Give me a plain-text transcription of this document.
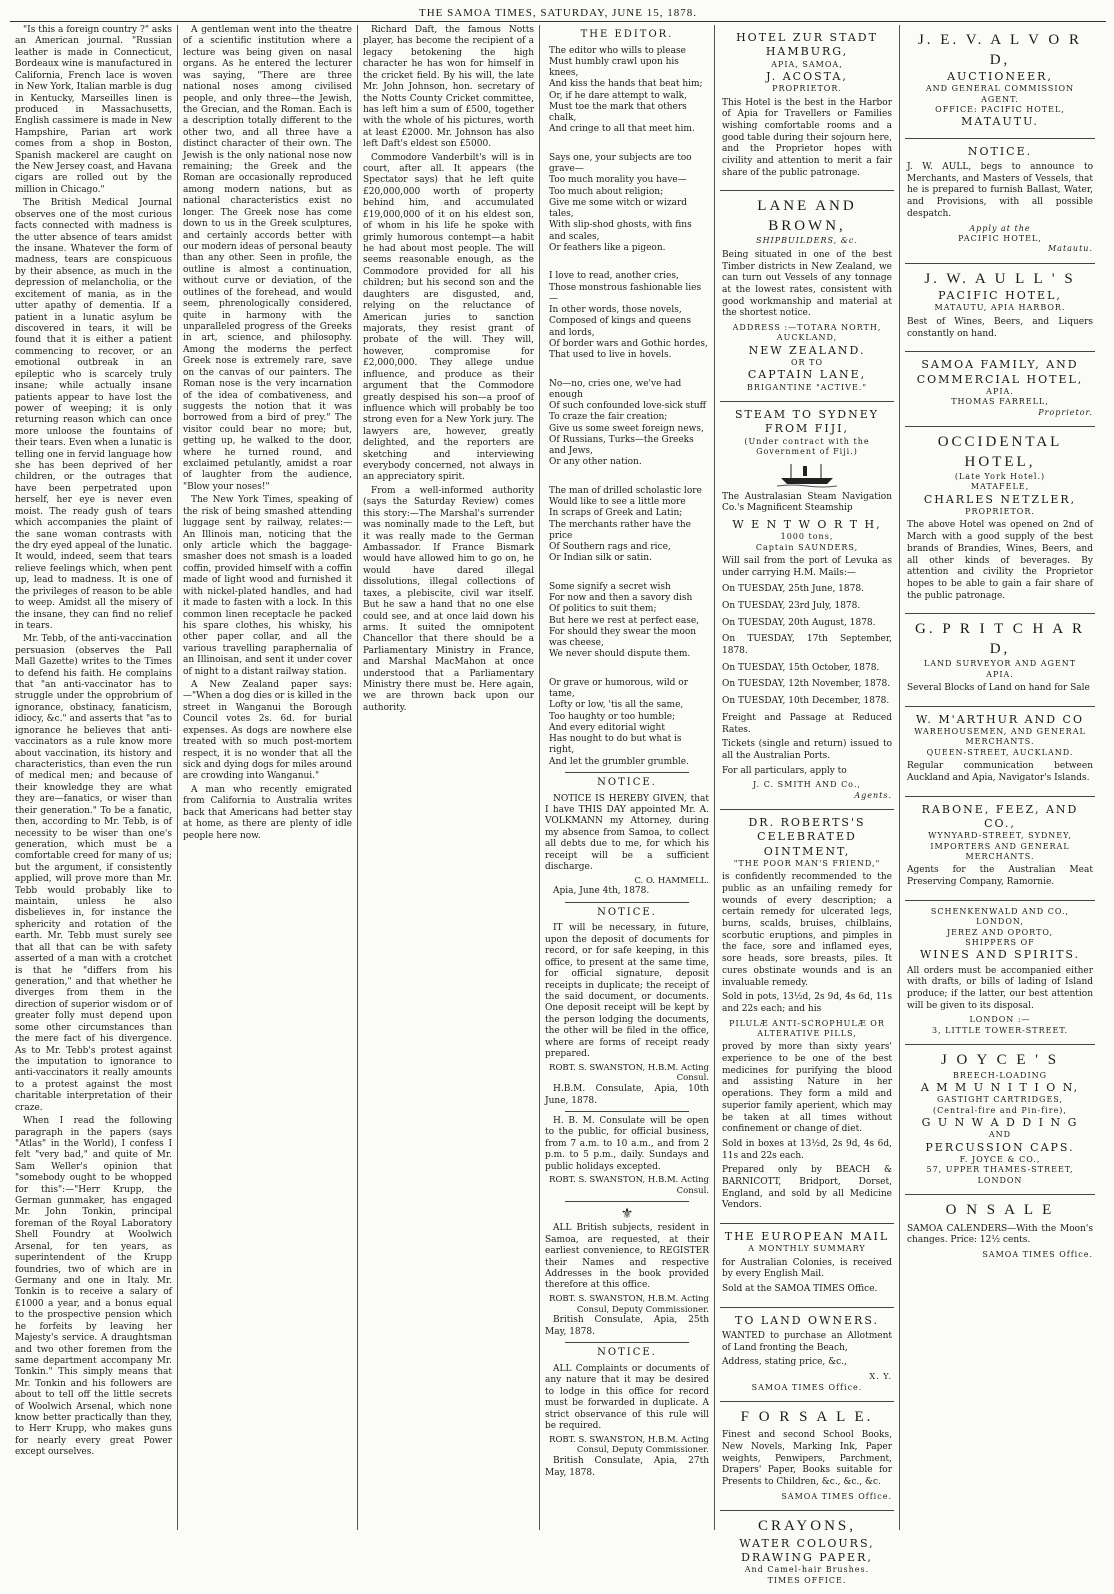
THE SAMOA TIMES, SATURDAY, JUNE 15, 1878.

"Is this a foreign country ?" asks an American journal. "Russian leather is made in Connecticut, Bordeaux wine is manufactured in California, French lace is woven in New York, Italian marble is dug in Kentucky, Marseilles linen is produced in Massachusetts, English cassimere is made in New Hampshire, Parian art work comes from a shop in Boston, Spanish mackerel are caught on the New Jersey coast, and Havana cigars are rolled out by the million in Chicago."

The British Medical Journal observes one of the most curious facts connected with madness is the utter absence of tears amidst the insane. Whatever the form of madness, tears are conspicuous by their absence, as much in the depression of melancholia, or the excitement of mania, as in the utter apathy of dementia. If a patient in a lunatic asylum be discovered in tears, it will be found that it is either a patient commencing to recover, or an emotional outbreak in an epileptic who is scarcely truly insane; while actually insane patients appear to have lost the power of weeping; it is only returning reason which can once more unloose the fountains of their tears. Even when a lunatic is telling one in fervid language how she has been deprived of her children, or the outrages that have been perpetrated upon herself, her eye is never even moist. The ready gush of tears which accompanies the plaint of the sane woman contrasts with the dry eyed appeal of the lunatic. It would, indeed, seem that tears relieve feelings which, when pent up, lead to madness. It is one of the privileges of reason to be able to weep. Amidst all the misery of the insane, they can find no relief in tears.

Mr. Tebb, of the anti-vaccination persuasion (observes the Pall Mall Gazette) writes to the Times to defend his faith. He complains that "an anti-vaccinator has to struggle under the opprobrium of ignorance, obstinacy, fanaticism, idiocy, &c." and asserts that "as to ignorance he believes that anti-vaccinators as a rule know more about vaccination, its history and characteristics, than even the run of medical men; and because of their knowledge they are what they are—fanatics, or wiser than their generation." To be a fanatic, then, according to Mr. Tebb, is of necessity to be wiser than one's generation, which must be a comfortable creed for many of us; but the argument, if consistently applied, will prove more than Mr. Tebb would probably like to maintain, unless he also disbelieves in, for instance the sphericity and rotation of the earth. Mr. Tebb must surely see that all that can be with safety asserted of a man with a crotchet is that he "differs from his generation," and that whether he diverges from them in the direction of superior wisdom or of greater folly must depend upon some other circumstances than the mere fact of his divergence. As to Mr. Tebb's protest against the imputation to ignorance to anti-vaccinators it really amounts to a protest against the most charitable interpretation of their craze.

When I read the following paragraph in the papers (says "Atlas" in the World), I confess I felt "very bad," and quite of Mr. Sam Weller's opinion that "somebody ought to be whopped for this":—"Herr Krupp, the German gunmaker, has engaged Mr. John Tonkin, principal foreman of the Royal Laboratory Shell Foundry at Woolwich Arsenal, for ten years, as superintendent of the Krupp foundries, two of which are in Germany and one in Italy. Mr. Tonkin is to receive a salary of £1000 a year, and a bonus equal to the prospective pension which he forfeits by leaving her Majesty's service. A draughtsman and two other foremen from the same department accompany Mr. Tonkin." This simply means that Mr. Tonkin and his followers are about to tell off the little secrets of Woolwich Arsenal, which none know better practically than they, to Herr Krupp, who makes guns for nearly every great Power except ourselves.

A gentleman went into the theatre of a scientific institution where a lecture was being given on nasal organs. As he entered the lecturer was saying, "There are three national noses among civilised people, and only three—the Jewish, the Grecian, and the Roman. Each is a description totally different to the other two, and all three have a distinct character of their own. The Jewish is the only national nose now remaining; the Greek and the Roman are occasionally reproduced among modern nations, but as national characteristics exist no longer. The Greek nose has come down to us in the Greek sculptures, and certainly accords better with our modern ideas of personal beauty than any other. Seen in profile, the outline is almost a continuation, without curve or deviation, of the outlines of the forehead, and would seem, phrenologically considered, quite in harmony with the unparalleled progress of the Greeks in art, science, and philosophy. Among the moderns the perfect Greek nose is extremely rare, save on the canvas of our painters. The Roman nose is the very incarnation of the idea of combativeness, and suggests the notion that it was borrowed from a bird of prey." The visitor could bear no more; but, getting up, he walked to the door, where he turned round, and exclaimed petulantly, amidst a roar of laughter from the audience, "Blow your noses!"

The New York Times, speaking of the risk of being smashed attending luggage sent by railway, relates:—An Illinois man, noticing that the only article which the baggage-smasher does not smash is a loaded coffin, provided himself with a coffin made of light wood and furnished it with nickel-plated handles, and had it made to fasten with a lock. In this common linen receptacle he packed his spare clothes, his whisky, his other paper collar, and all the various travelling paraphernalia of an Illinoisan, and sent it under cover of night to a distant railway station.

A New Zealand paper says:—"When a dog dies or is killed in the street in Wanganui the Borough Council votes 2s. 6d. for burial expenses. As dogs are nowhere else treated with so much post-mortem respect, it is no wonder that all the sick and dying dogs for miles around are crowding into Wanganui."

A man who recently emigrated from California to Australia writes back that Americans had better stay at home, as there are plenty of idle people here now.

Richard Daft, the famous Notts player, has become the recipient of a legacy betokening the high character he has won for himself in the cricket field. By his will, the late Mr. John Johnson, hon. secretary of the Notts County Cricket committee, has left him a sum of £500, together with the whole of his pictures, worth at least £2000. Mr. Johnson has also left Daft's eldest son £5000.

Commodore Vanderbilt's will is in court, after all. It appears (the Spectator says) that he left quite £20,000,000 worth of property behind him, and accumulated £19,000,000 of it on his eldest son, of whom in his life he spoke with grimly humorous contempt—a habit he had about most people. The will seems reasonable enough, as the Commodore provided for all his children; but his second son and the daughters are disgusted, and, relying on the reluctance of American juries to sanction majorats, they resist grant of probate of the will. They will, however, compromise for £2,000,000. They allege undue influence, and produce as their argument that the Commodore greatly despised his son—a proof of influence which will probably be too strong even for a New York jury. The lawyers are, however, greatly delighted, and the reporters are sketching and interviewing everybody concerned, not always in an appreciatory spirit.

From a well-informed authority (says the Saturday Review) comes this story:—The Marshal's surrender was nominally made to the Left, but it was really made to the German Ambassador. If France Bismark would have allowed him to go on, he would have dared illegal dissolutions, illegal collections of taxes, a plebiscite, civil war itself. But he saw a hand that no one else could see, and at once laid down his arms. It suited the omnipotent Chancellor that there should be a Parliamentary Ministry in France, and Marshal MacMahon at once understood that a Parliamentary Ministry there must be. Here again, we are thrown back upon our authority.

THE EDITOR.

The editor who wills to please

Must humbly crawl upon his knees,

And kiss the hands that beat him;

Or, if he dare attempt to walk,

Must toe the mark that others chalk,

And cringe to all that meet him.

Says one, your subjects are too grave—

Too much morality you have—

Too much about religion;

Give me some witch or wizard tales,

With slip-shod ghosts, with fins and scales,

Or feathers like a pigeon.

I love to read, another cries,

Those monstrous fashionable lies—

In other words, those novels,

Composed of kings and queens and lords,

Of border wars and Gothic hordes,

That used to live in hovels.

No—no, cries one, we've had enough

Of such confounded love-sick stuff

To craze the fair creation;

Give us some sweet foreign news,

Of Russians, Turks—the Greeks and Jews,

Or any other nation.

The man of drilled scholastic lore

Would like to see a little more

In scraps of Greek and Latin;

The merchants rather have the price

Of Southern rags and rice,

Or Indian silk or satin.

Some signify a secret wish

For now and then a savory dish

Of politics to suit them;

But here we rest at perfect ease,

For should they swear the moon was cheese,

We never should dispute them.

Or grave or humorous, wild or tame,

Lofty or low, 'tis all the same,

Too haughty or too humble;

And every editorial wight

Has nought to do but what is right,

And let the grumbler grumble.

NOTICE.

NOTICE IS HEREBY GIVEN, that I have THIS DAY appointed Mr. A. VOLKMANN my Attorney, during my absence from Samoa, to collect all debts due to me, for which his receipt will be a sufficient discharge.

C. O. HAMMELL.

Apia, June 4th, 1878.

NOTICE.

IT will be necessary, in future, upon the deposit of documents for record, or for safe keeping, in this office, to present at the same time, for official signature, deposit receipts in duplicate; the receipt of the said document, or documents. One deposit receipt will be kept by the person lodging the documents, the other will be filed in the office, where are forms of receipt ready prepared.

ROBT. S. SWANSTON, H.B.M. Acting Consul.

H.B.M. Consulate, Apia, 10th June, 1878.

H. B. M. Consulate will be open to the public, for official business, from 7 a.m. to 10 a.m., and from 2 p.m. to 5 p.m., daily. Sundays and public holidays excepted.

ROBT. S. SWANSTON, H.B.M. Acting Consul.
⚜

ALL British subjects, resident in Samoa, are requested, at their earliest convenience, to REGISTER their Names and respective Addresses in the book provided therefore at this office.

ROBT. S. SWANSTON, H.B.M. Acting Consul, Deputy Commissioner.

British Consulate, Apia, 25th May, 1878.

NOTICE.

ALL Complaints or documents of any nature that it may be desired to lodge in this office for record must be forwarded in duplicate. A strict observance of this rule will be required.

ROBT. S. SWANSTON, H.B.M. Acting Consul, Deputy Commissioner.

British Consulate, Apia, 27th May, 1878.

HOTEL ZUR STADT HAMBURG,
APIA, SAMOA,
J. ACOSTA,
PROPRIETOR.
This Hotel is the best in the Harbor of Apia for Travellers or Families wishing comfortable rooms and a good table during their sojourn here, and the Proprietor hopes with civility and attention to merit a fair share of the public patronage.
LANE AND BROWN,
SHIPBUILDERS, &c.
Being situated in one of the best Timber districts in New Zealand, we can turn out Vessels of any tonnage at the lowest rates, consistent with good workmanship and material at the shortest notice.
ADDRESS :—TOTARA NORTH, AUCKLAND,
NEW ZEALAND.
OR TO
CAPTAIN LANE,
BRIGANTINE "ACTIVE."
STEAM TO SYDNEY FROM FIJI,
(Under contract with the Government of Fiji.)
The Australasian Steam Navigation Co.'s Magnificent Steamship
W E N T W O R T H,
1000 tons,
Captain SAUNDERS,
Will sail from the port of Levuka as under carrying H.M. Mails:—
On TUESDAY, 25th June, 1878.
On TUESDAY, 23rd July, 1878.
On TUESDAY, 20th August, 1878.
On TUESDAY, 17th September, 1878.
On TUESDAY, 15th October, 1878.
On TUESDAY, 12th November, 1878.
On TUESDAY, 10th December, 1878.
Freight and Passage at Reduced Rates.
Tickets (single and return) issued to all the Australian Ports.
For all particulars, apply to
J. C. SMITH AND Co.,
Agents.
DR. ROBERTS'S CELEBRATED OINTMENT,
"THE POOR MAN'S FRIEND,"
is confidently recommended to the public as an unfailing remedy for wounds of every description; a certain remedy for ulcerated legs, burns, scalds, bruises, chilblains, scorbutic eruptions, and pimples in the face, sore and inflamed eyes, sore heads, sore breasts, piles. It cures obstinate wounds and is an invaluable remedy.
Sold in pots, 13½d, 2s 9d, 4s 6d, 11s and 22s each; and his
PILULÆ ANTI-SCROPHULÆ OR ALTERATIVE PILLS,
proved by more than sixty years' experience to be one of the best medicines for purifying the blood and assisting Nature in her operations. They form a mild and superior family aperient, which may be taken at all times without confinement or change of diet.
Sold in boxes at 13½d, 2s 9d, 4s 6d, 11s and 22s each.
Prepared only by BEACH & BARNICOTT, Bridport, Dorset, England, and sold by all Medicine Vendors.
THE EUROPEAN MAIL
A MONTHLY SUMMARY
for Australian Colonies, is received by every English Mail.
Sold at the SAMOA TIMES Office.
TO LAND OWNERS.
WANTED to purchase an Allotment of Land fronting the Beach,
Address, stating price, &c.,
X. Y.
SAMOA TIMES Office.
F O R S A L E.
Finest and second School Books, New Novels, Marking Ink, Paper weights, Penwipers, Parchment, Drapers' Paper, Books suitable for Presents to Children, &c., &c., &c.
SAMOA TIMES Office.
CRAYONS,
WATER COLOURS,
DRAWING PAPER,
And Camel-hair Brushes.
TIMES OFFICE.
J. E. V. A L V O R D,
AUCTIONEER,
AND GENERAL COMMISSION AGENT.
OFFICE: PACIFIC HOTEL,
MATAUTU.
NOTICE.
J. W. AULL, begs to announce to Merchants, and Masters of Vessels, that he is prepared to furnish Ballast, Water, and Provisions, with all possible despatch.
Apply at the
PACIFIC HOTEL,
Matautu.
J. W. A U L L ' S
PACIFIC HOTEL,
MATAUTU, APIA HARBOR.
Best of Wines, Beers, and Liquers constantly on hand.
SAMOA FAMILY, AND COMMERCIAL HOTEL,
APIA.
THOMAS FARRELL,
Proprietor.
OCCIDENTAL HOTEL,
(Late York Hotel.)
MATAFELE,
CHARLES NETZLER,
PROPRIETOR.
The above Hotel was opened on 2nd of March with a good supply of the best brands of Brandies, Wines, Beers, and all other kinds of beverages. By attention and civility the Proprietor hopes to be able to gain a fair share of the public patronage.
G. P R I T C H A R D,
LAND SURVEYOR AND AGENT
APIA.
Several Blocks of Land on hand for Sale
W. M'ARTHUR AND CO
WAREHOUSEMEN, AND GENERAL
MERCHANTS.
QUEEN-STREET, AUCKLAND.
Regular communication between Auckland and Apia, Navigator's Islands.
RABONE, FEEZ, AND CO.,
WYNYARD-STREET, SYDNEY,
IMPORTERS AND GENERAL MERCHANTS.
Agents for the Australian Meat Preserving Company, Ramornie.
SCHENKENWALD AND CO.,
LONDON,
JEREZ AND OPORTO,
SHIPPERS OF
WINES AND SPIRITS.
All orders must be accompanied either with drafts, or bills of lading of Island produce; if the latter, our best attention will be given to its disposal.
LONDON :—
3, LITTLE TOWER-STREET.
J O Y C E ' S
BREECH-LOADING
A M M U N I T I O N,
GASTIGHT CARTRIDGES,
(Central-fire and Pin-fire),
G U N W A D D I N G
AND
PERCUSSION CAPS.
F. JOYCE & CO.,
57, UPPER THAMES-STREET, LONDON
O N S A L E
SAMOA CALENDERS—With the Moon's changes. Price: 12½ cents.
SAMOA TIMES Office.
